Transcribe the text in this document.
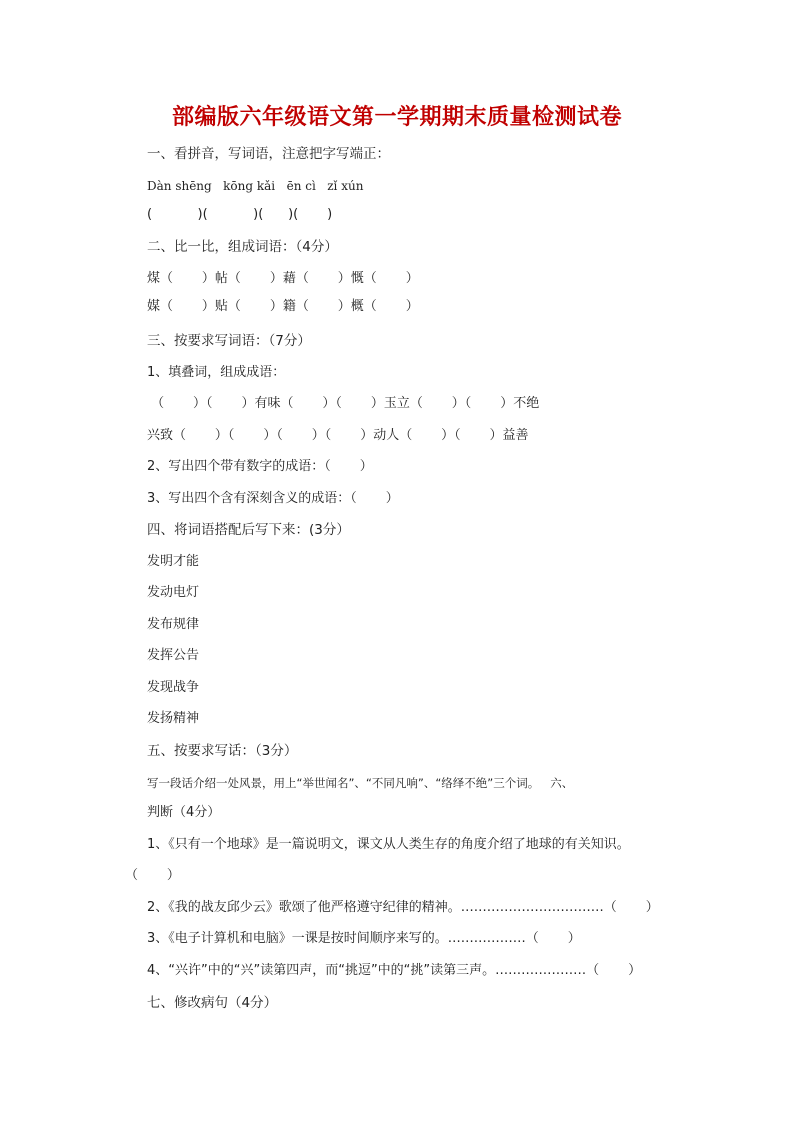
部编版六年级语文第一学期期末质量检测试卷
一、看拼音，写词语，注意把字写端正：
Dàn shēng   kōng kǎi   ēn cì   zǐ xún
(           )(           )(      )(       )
二、比一比，组成词语：（4分）
煤（       ）帖（       ）藉（       ）慨（       ）
媒（       ）贴（       ）籍（       ）概（       ）
三、按要求写词语：（7分）
1、填叠词，组成成语：
（       ）（       ）有味（       ）（       ）玉立（       ）（       ）不绝
兴致（       ）（       ）（       ）（       ）动人（       ）（       ）益善
2、写出四个带有数字的成语：（       ）
3、写出四个含有深刻含义的成语：（       ）
四、将词语搭配后写下来：(3分）
发明才能
发动电灯
发布规律
发挥公告
发现战争
发扬精神
五、按要求写话：（3分）
写一段话介绍一处风景，用上“举世闻名”、“不同凡响”、“络绎不绝”三个词。   六、
判断（4分）
1、《只有一个地球》是一篇说明文，课文从人类生存的角度介绍了地球的有关知识。
（       ）
2、《我的战友邱少云》歌颂了他严格遵守纪律的精神。……………………………（       ）
3、《电子计算机和电脑》一课是按时间顺序来写的。………………（       ）
4、“兴许”中的“兴”读第四声，而“挑逗”中的“挑”读第三声。…………………（       ）
七、修改病句（4分）
